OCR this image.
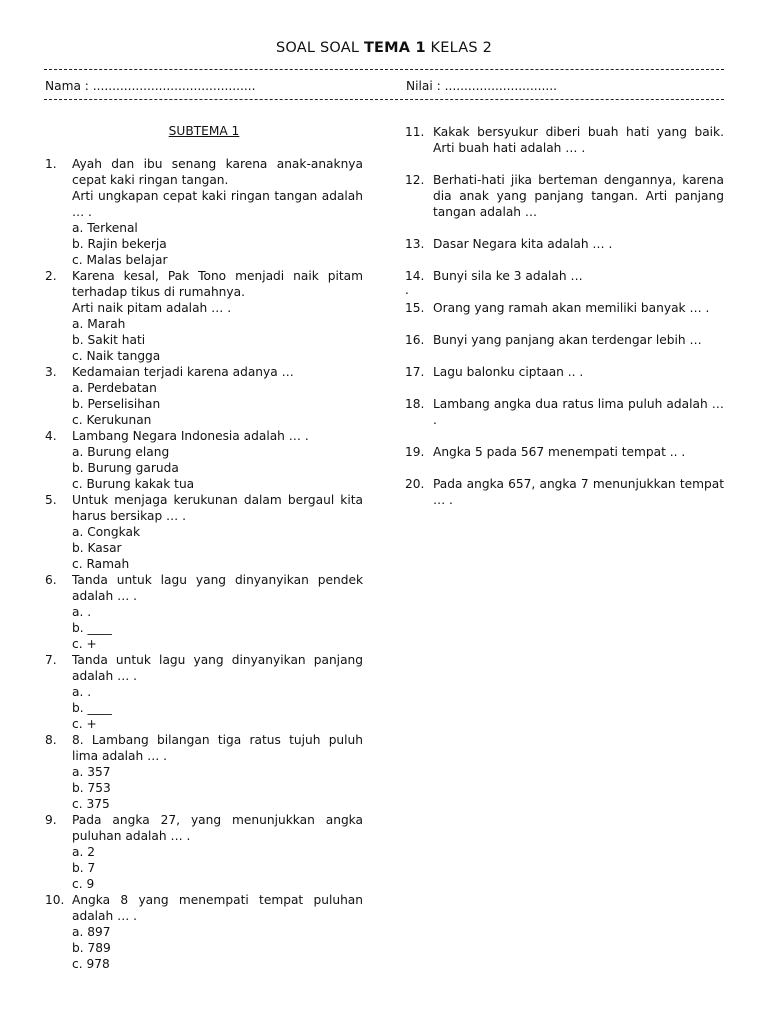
SOAL SOAL TEMA 1 KELAS 2
Nama : ..........................................	Nilai : .............................
SUBTEMA 1
1. Ayah dan ibu senang karena anak-anaknya cepat kaki ringan tangan.
Arti ungkapan cepat kaki ringan tangan adalah … .
a. Terkenal
b. Rajin bekerja
c. Malas belajar
2. Karena kesal, Pak Tono menjadi naik pitam terhadap tikus di rumahnya.
Arti naik pitam adalah … .
a. Marah
b. Sakit hati
c. Naik tangga
3. Kedamaian terjadi karena adanya …
a. Perdebatan
b. Perselisihan
c. Kerukunan
4. Lambang Negara Indonesia adalah … .
a. Burung elang
b. Burung garuda
c. Burung kakak tua
5. Untuk menjaga kerukunan dalam bergaul kita harus bersikap … .
a. Congkak
b. Kasar
c. Ramah
6. Tanda untuk lagu yang dinyanyikan pendek adalah … .
a. .
b. ____
c. +
7. Tanda untuk lagu yang dinyanyikan panjang adalah … .
a. .
b. ____
c. +
8. 8. Lambang bilangan tiga ratus tujuh puluh lima adalah … .
a. 357
b. 753
c. 375
9. Pada angka 27, yang menunjukkan angka puluhan adalah … .
a. 2
b. 7
c. 9
10. Angka 8 yang menempati tempat puluhan adalah … .
a. 897
b. 789
c. 978
11. Kakak bersyukur diberi buah hati yang baik. Arti buah hati adalah … .
12. Berhati-hati jika berteman dengannya, karena dia anak yang panjang tangan. Arti panjang tangan adalah …
13. Dasar Negara kita adalah … .
14. Bunyi sila ke 3 adalah …
.
15. Orang yang ramah akan memiliki banyak … .
16. Bunyi yang panjang akan terdengar lebih …
17. Lagu balonku ciptaan .. .
18. Lambang angka dua ratus lima puluh adalah … .
19. Angka 5 pada 567 menempati tempat .. .
20. Pada angka 657, angka 7 menunjukkan tempat … .
